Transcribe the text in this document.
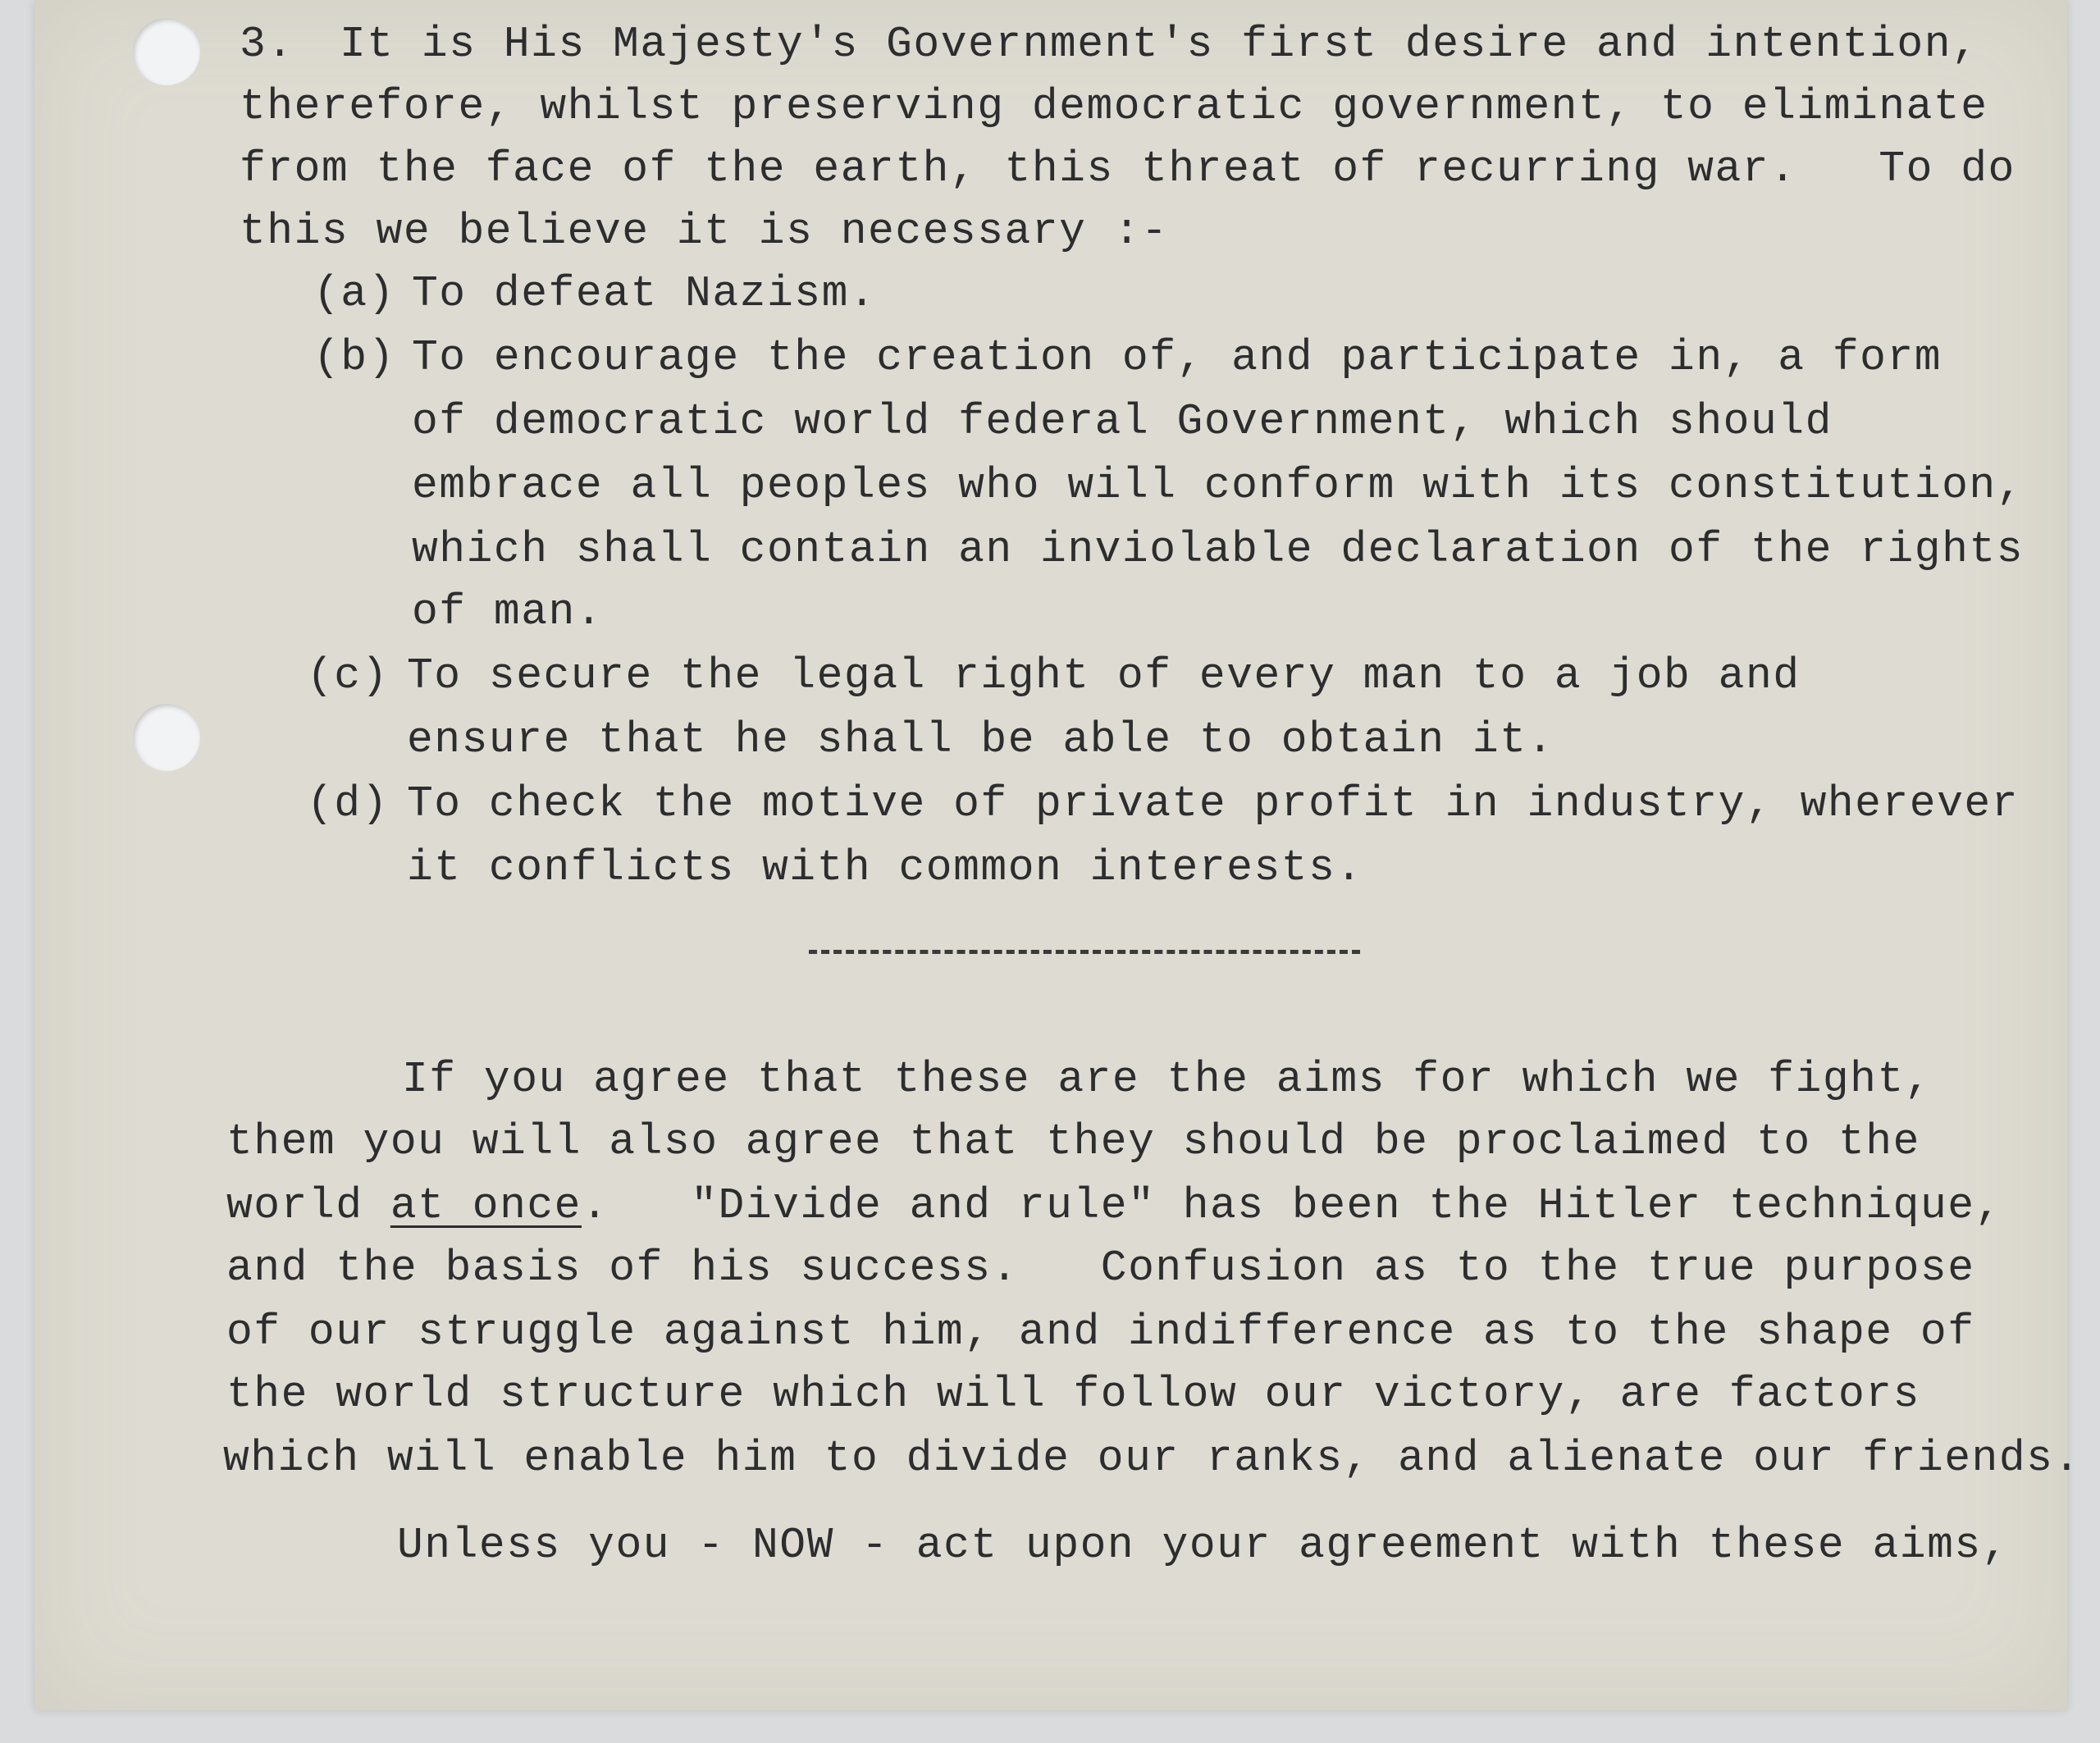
3. It is His Majesty's Government's first desire and intention,
therefore, whilst preserving democratic government, to eliminate
from the face of the earth, this threat of recurring war.   To do
this we believe it is necessary :-
(a) To defeat Nazism.
(b) To encourage the creation of, and participate in, a form
of democratic world federal Government, which should
embrace all peoples who will conform with its constitution,
which shall contain an inviolable declaration of the rights
of man.
(c) To secure the legal right of every man to a job and
ensure that he shall be able to obtain it.
(d) To check the motive of private profit in industry, wherever
it conflicts with common interests.
If you agree that these are the aims for which we fight,
them you will also agree that they should be proclaimed to the
world at once.   "Divide and rule" has been the Hitler technique,
and the basis of his success.   Confusion as to the true purpose
of our struggle against him, and indifference as to the shape of
the world structure which will follow our victory, are factors
which will enable him to divide our ranks, and alienate our friends.
Unless you - NOW - act upon your agreement with these aims,
